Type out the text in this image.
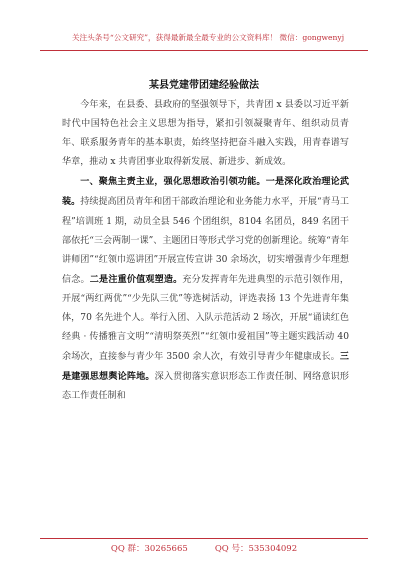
关注头条号“公文研究”，获得最新最全最专业的公文资料库！ 微信：gongwenyj
某县党建带团建经验做法

今年来，在县委、县政府的坚强领导下，共青团 x 县委以习近平新时代中国特色社会主义思想为指导，紧扣引领凝聚青年、组织动员青年、联系服务青年的基本职责，始终坚持把奋斗融入实践，用青春谱写华章，推动 x 共青团事业取得新发展、新进步、新成效。

一、聚焦主责主业，强化思想政治引领功能。一是深化政治理论武装。持续提高团员青年和团干部政治理论和业务能力水平，开展“青马工程”培训班 1 期，动员全县 546 个团组织，8104 名团员，849 名团干部依托“三会两制一课”、主题团日等形式学习党的创新理论。统筹“青年讲师团”“红领巾巡讲团”开展宣传宣讲 30 余场次，切实增强青少年理想信念。二是注重价值观塑造。充分发挥青年先进典型的示范引领作用，开展“两红两优”“少先队三优”等选树活动，评选表扬 13 个先进青年集体，70 名先进个人。举行入团、入队示范活动 2 场次，开展“诵读红色经典 · 传播雅言文明”“清明祭英烈”“红领巾爱祖国”等主题实践活动 40 余场次，直接参与青少年 3500 余人次，有效引导青少年健康成长。三是建强思想舆论阵地。深入贯彻落实意识形态工作责任制、网络意识形态工作责任制和

QQ 群：30265665	QQ 号：535304092
